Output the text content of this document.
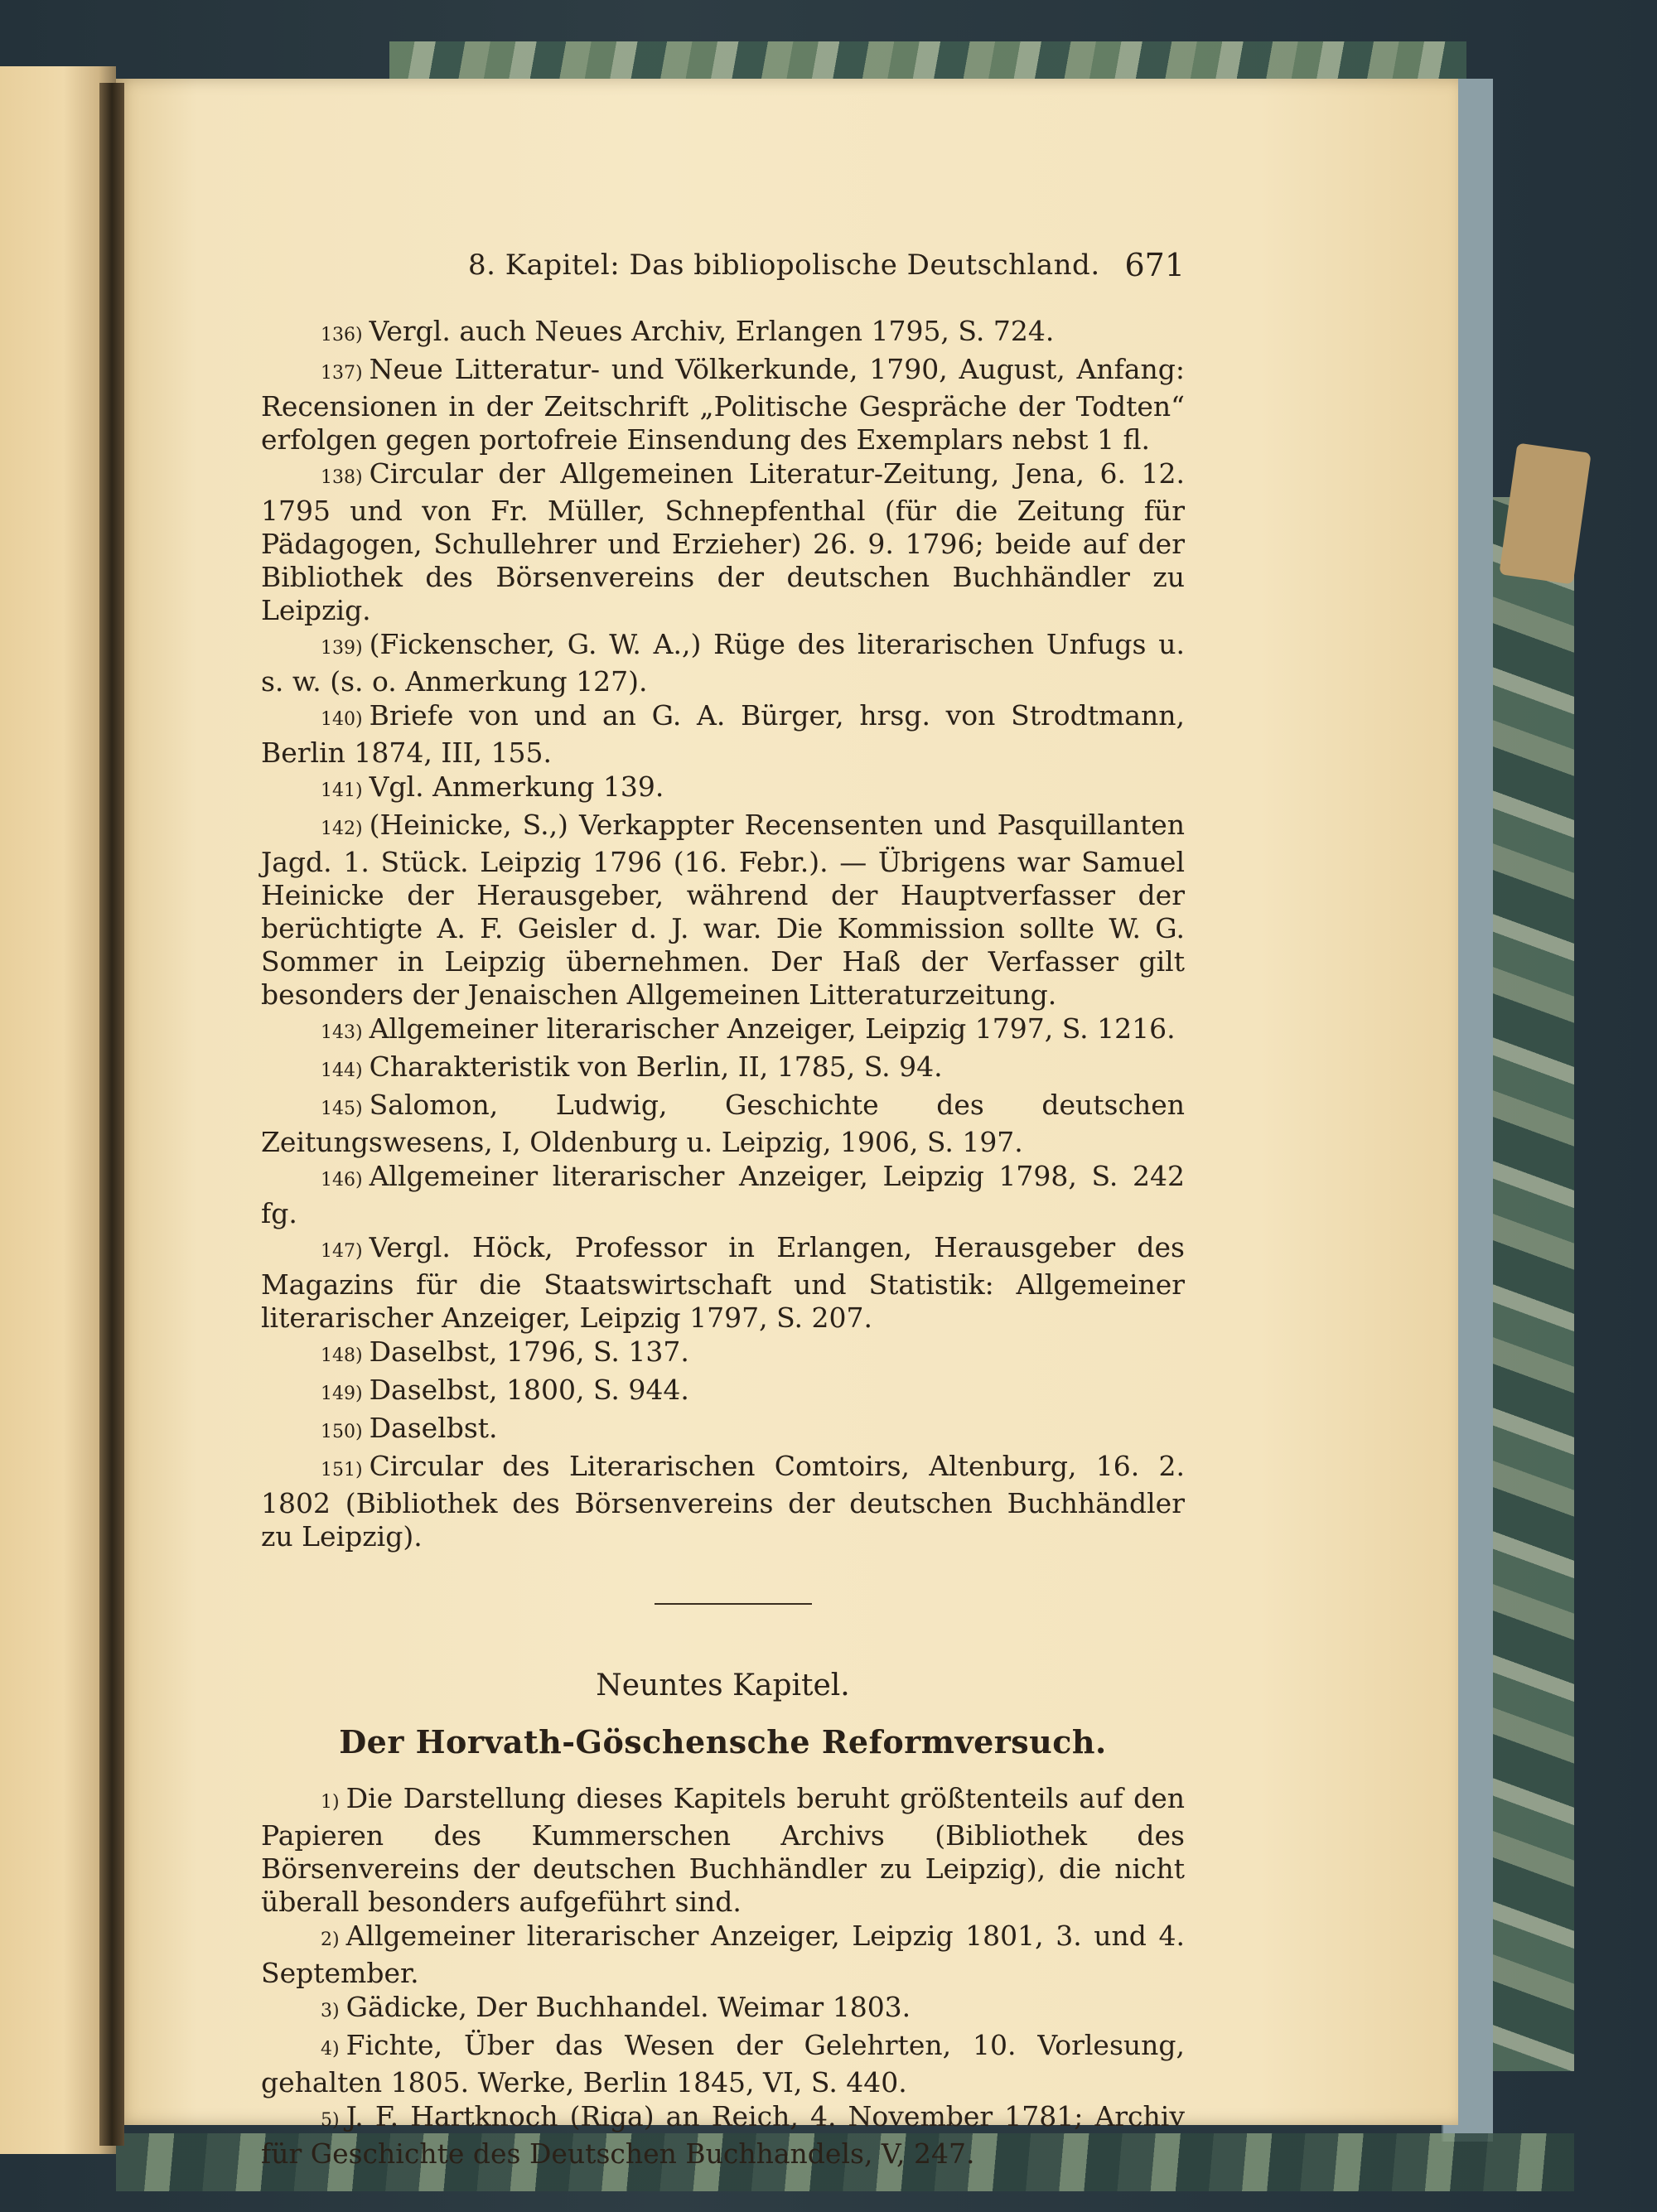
8. Kapitel: Das bibliopolische Deutschland. 671

136) Vergl. auch Neues Archiv, Erlangen 1795, S. 724.

137) Neue Litteratur- und Völkerkunde, 1790, August, Anfang: Recensionen in der Zeitschrift „Politische Gespräche der Todten“ erfolgen gegen portofreie Einsendung des Exemplars nebst 1 fl.

138) Circular der Allgemeinen Literatur-Zeitung, Jena, 6. 12. 1795 und von Fr. Müller, Schnepfenthal (für die Zeitung für Pädagogen, Schullehrer und Erzieher) 26. 9. 1796; beide auf der Bibliothek des Börsenvereins der deutschen Buchhändler zu Leipzig.

139) (Fickenscher, G. W. A.,) Rüge des literarischen Unfugs u. s. w. (s. o. Anmerkung 127).

140) Briefe von und an G. A. Bürger, hrsg. von Strodtmann, Berlin 1874, III, 155.

141) Vgl. Anmerkung 139.

142) (Heinicke, S.,) Verkappter Recensenten und Pasquillanten Jagd. 1. Stück. Leipzig 1796 (16. Febr.). — Übrigens war Samuel Heinicke der Herausgeber, während der Hauptverfasser der berüchtigte A. F. Geisler d. J. war. Die Kommission sollte W. G. Sommer in Leipzig übernehmen. Der Haß der Verfasser gilt besonders der Jenaischen Allgemeinen Litteraturzeitung.

143) Allgemeiner literarischer Anzeiger, Leipzig 1797, S. 1216.

144) Charakteristik von Berlin, II, 1785, S. 94.

145) Salomon, Ludwig, Geschichte des deutschen Zeitungswesens, I, Oldenburg u. Leipzig, 1906, S. 197.

146) Allgemeiner literarischer Anzeiger, Leipzig 1798, S. 242 fg.

147) Vergl. Höck, Professor in Erlangen, Herausgeber des Magazins für die Staatswirtschaft und Statistik: Allgemeiner literarischer Anzeiger, Leipzig 1797, S. 207.

148) Daselbst, 1796, S. 137.

149) Daselbst, 1800, S. 944.

150) Daselbst.

151) Circular des Literarischen Comtoirs, Altenburg, 16. 2. 1802 (Bibliothek des Börsenvereins der deutschen Buchhändler zu Leipzig).

Neuntes Kapitel.
Der Horvath-Göschensche Reformversuch.

1) Die Darstellung dieses Kapitels beruht größtenteils auf den Papieren des Kummerschen Archivs (Bibliothek des Börsenvereins der deutschen Buchhändler zu Leipzig), die nicht überall besonders aufgeführt sind.

2) Allgemeiner literarischer Anzeiger, Leipzig 1801, 3. und 4. September.

3) Gädicke, Der Buchhandel. Weimar 1803.

4) Fichte, Über das Wesen der Gelehrten, 10. Vorlesung, gehalten 1805. Werke, Berlin 1845, VI, S. 440.

5) J. F. Hartknoch (Riga) an Reich, 4. November 1781; Archiv für Geschichte des Deutschen Buchhandels, V, 247.
